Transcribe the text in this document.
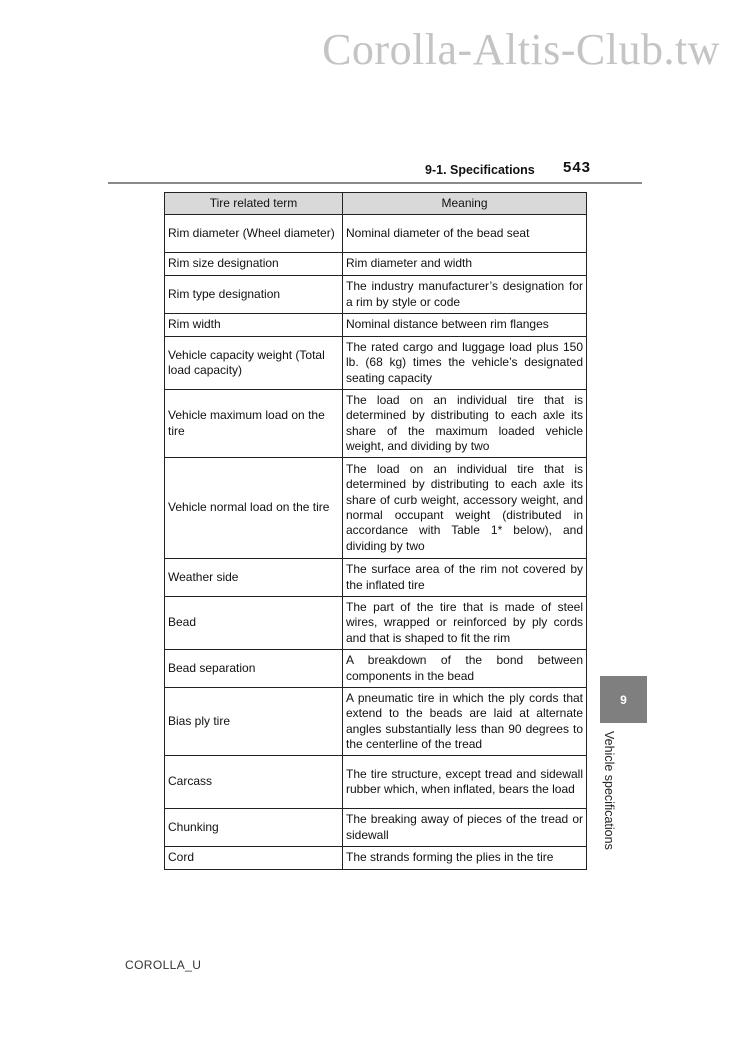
Corolla-Altis-Club.tw
9-1. Specifications 543
Tire related term	Meaning
Rim diameter (Wheel diameter)	Nominal diameter of the bead seat
Rim size designation	Rim diameter and width
Rim type designation	The industry manufacturer’s designation for a rim by style or code
Rim width	Nominal distance between rim flanges
Vehicle capacity weight (Total load capacity)	The rated cargo and luggage load plus 150 lb. (68 kg) times the vehicle’s designated seating capacity
Vehicle maximum load on the tire	The load on an individual tire that is determined by distributing to each axle its share of the maximum loaded vehicle weight, and dividing by two
Vehicle normal load on the tire	The load on an individual tire that is determined by distributing to each axle its share of curb weight, accessory weight, and normal occupant weight (distributed in accordance with Table 1* below), and dividing by two
Weather side	The surface area of the rim not covered by the inflated tire
Bead	The part of the tire that is made of steel wires, wrapped or reinforced by ply cords and that is shaped to fit the rim
Bead separation	A breakdown of the bond between components in the bead
Bias ply tire	A pneumatic tire in which the ply cords that extend to the beads are laid at alternate angles substantially less than 90 degrees to the centerline of the tread
Carcass	The tire structure, except tread and sidewall rubber which, when inflated, bears the load
Chunking	The breaking away of pieces of the tread or sidewall
Cord	The strands forming the plies in the tire
9
Vehicle specifications
COROLLA_U
